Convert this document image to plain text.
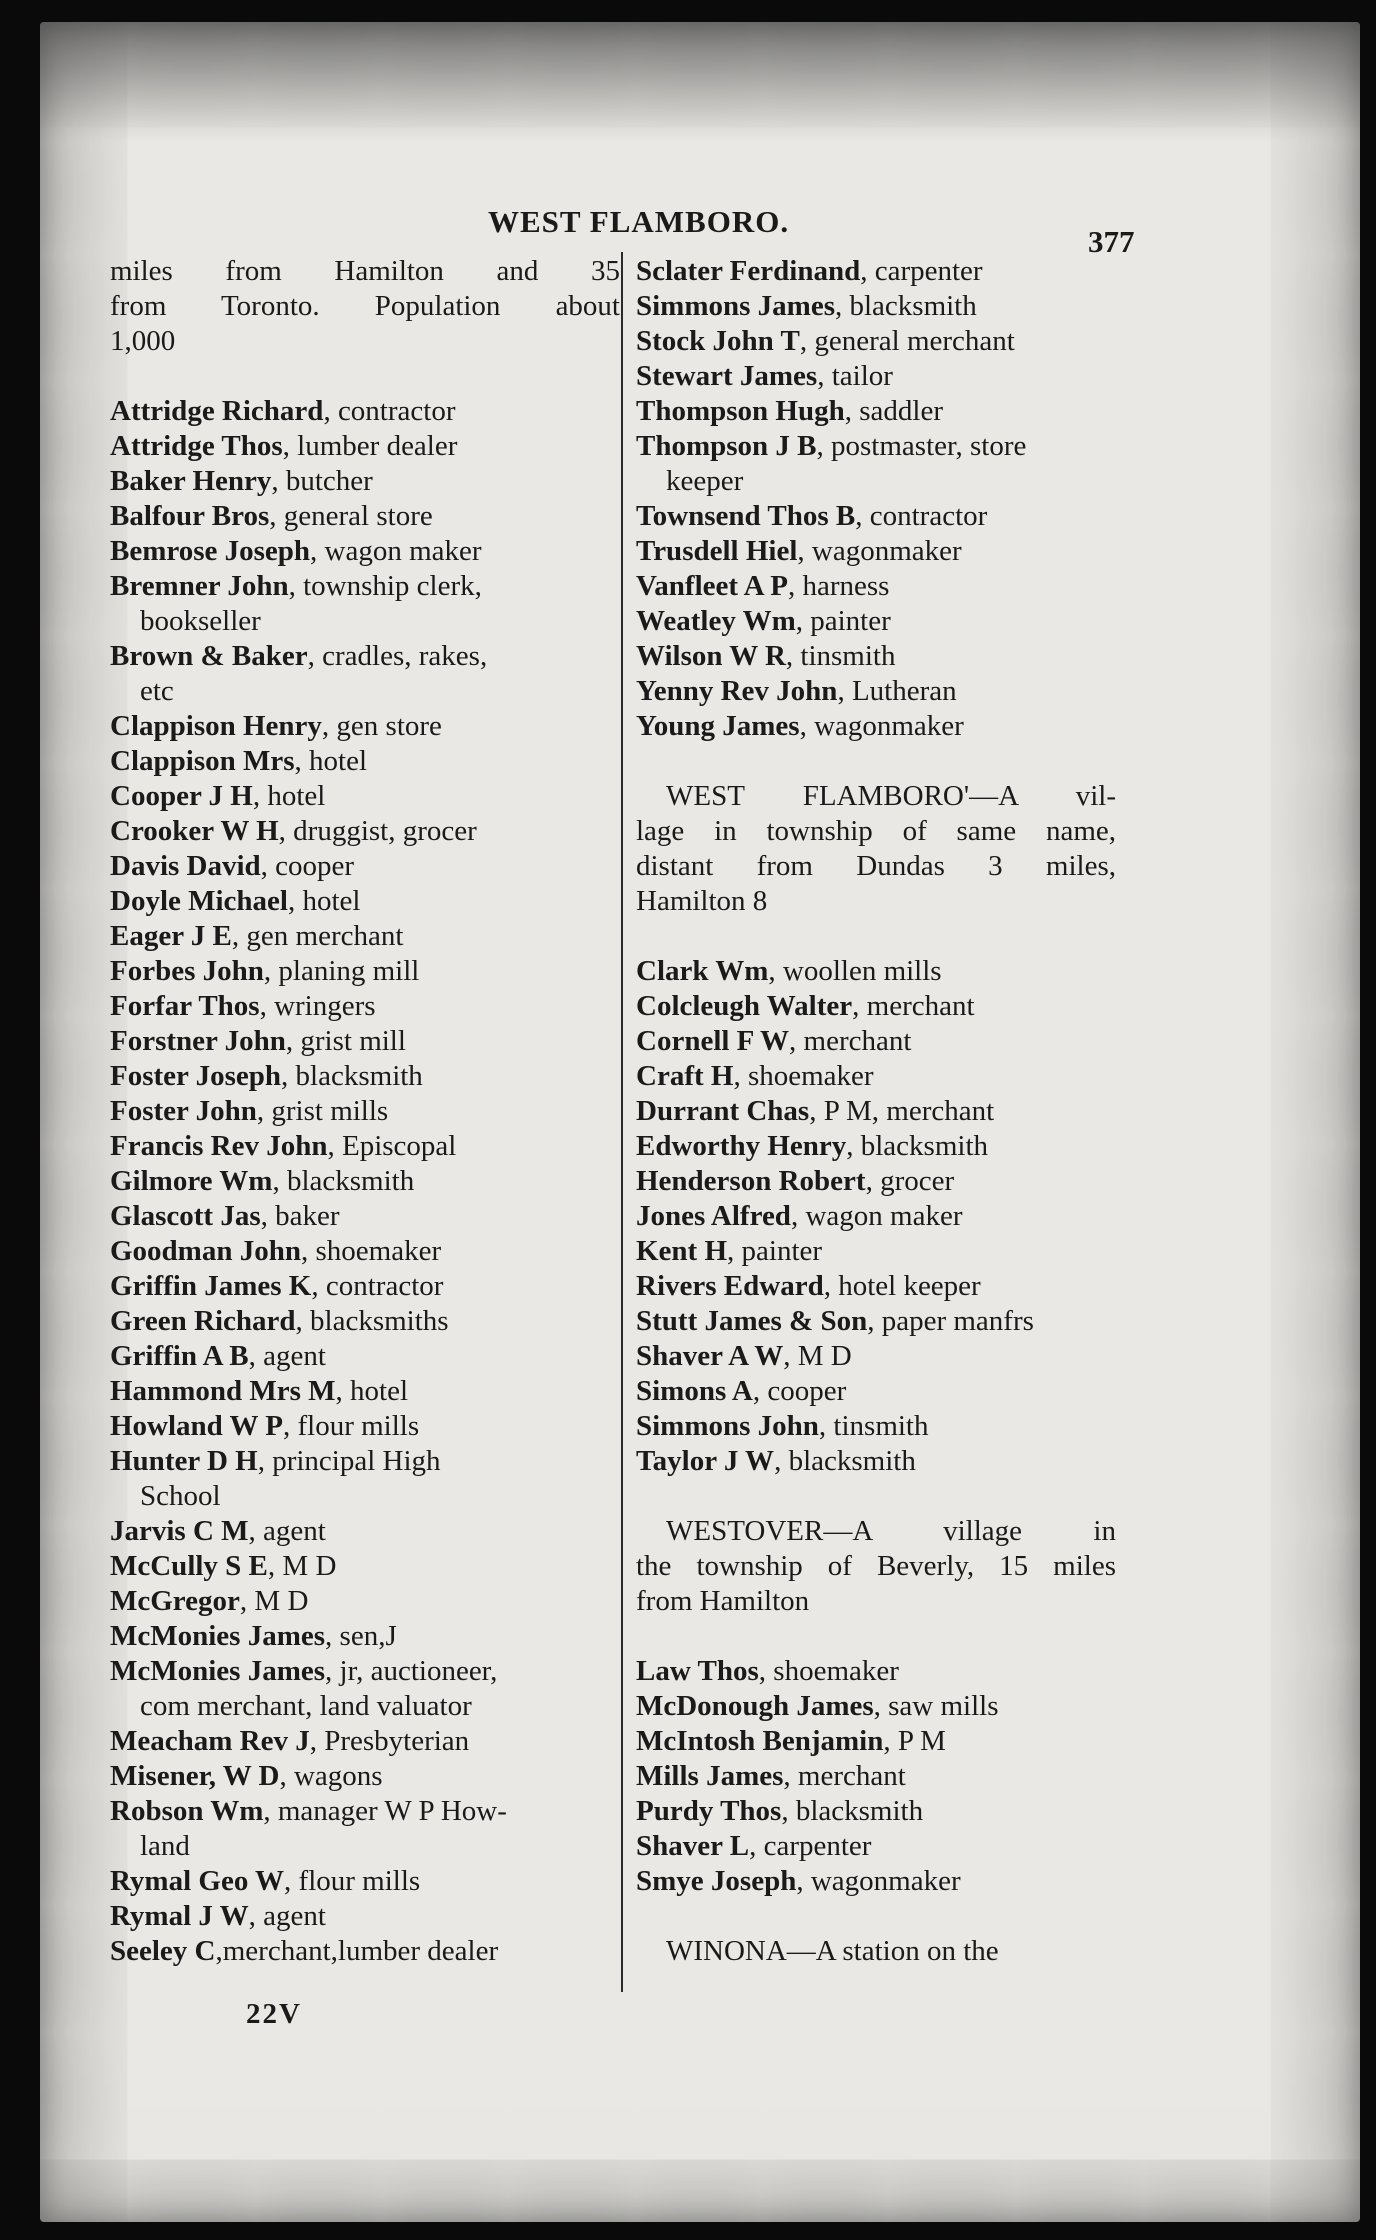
WEST FLAMBORO.
377
miles from Hamilton and 35
from Toronto. Population about
1,000
Attridge Richard, contractor
Attridge Thos, lumber dealer
Baker Henry, butcher
Balfour Bros, general store
Bemrose Joseph, wagon maker
Bremner John, township clerk,
bookseller
Brown & Baker, cradles, rakes,
etc
Clappison Henry, gen store
Clappison Mrs, hotel
Cooper J H, hotel
Crooker W H, druggist, grocer
Davis David, cooper
Doyle Michael, hotel
Eager J E, gen merchant
Forbes John, planing mill
Forfar Thos, wringers
Forstner John, grist mill
Foster Joseph, blacksmith
Foster John, grist mills
Francis Rev John, Episcopal
Gilmore Wm, blacksmith
Glascott Jas, baker
Goodman John, shoemaker
Griffin James K, contractor
Green Richard, blacksmiths
Griffin A B, agent
Hammond Mrs M, hotel
Howland W P, flour mills
Hunter D H, principal High
School
Jarvis C M, agent
McCully S E, M D
McGregor, M D
McMonies James, sen,J
McMonies James, jr, auctioneer,
com merchant, land valuator
Meacham Rev J, Presbyterian
Misener, W D, wagons
Robson Wm, manager W P How-
land
Rymal Geo W, flour mills
Rymal J W, agent
Seeley C,merchant,lumber dealer
Sclater Ferdinand, carpenter
Simmons James, blacksmith
Stock John T, general merchant
Stewart James, tailor
Thompson Hugh, saddler
Thompson J B, postmaster, store
keeper
Townsend Thos B, contractor
Trusdell Hiel, wagonmaker
Vanfleet A P, harness
Weatley Wm, painter
Wilson W R, tinsmith
Yenny Rev John, Lutheran
Young James, wagonmaker
WEST FLAMBORO'—A vil-
lage in township of same name,
distant from Dundas 3 miles,
Hamilton 8
Clark Wm, woollen mills
Colcleugh Walter, merchant
Cornell F W, merchant
Craft H, shoemaker
Durrant Chas, P M, merchant
Edworthy Henry, blacksmith
Henderson Robert, grocer
Jones Alfred, wagon maker
Kent H, painter
Rivers Edward, hotel keeper
Stutt James & Son, paper manfrs
Shaver A W, M D
Simons A, cooper
Simmons John, tinsmith
Taylor J W, blacksmith
WESTOVER—A village in
the township of Beverly, 15 miles
from Hamilton
Law Thos, shoemaker
McDonough James, saw mills
McIntosh Benjamin, P M
Mills James, merchant
Purdy Thos, blacksmith
Shaver L, carpenter
Smye Joseph, wagonmaker
WINONA—A station on the
22V
